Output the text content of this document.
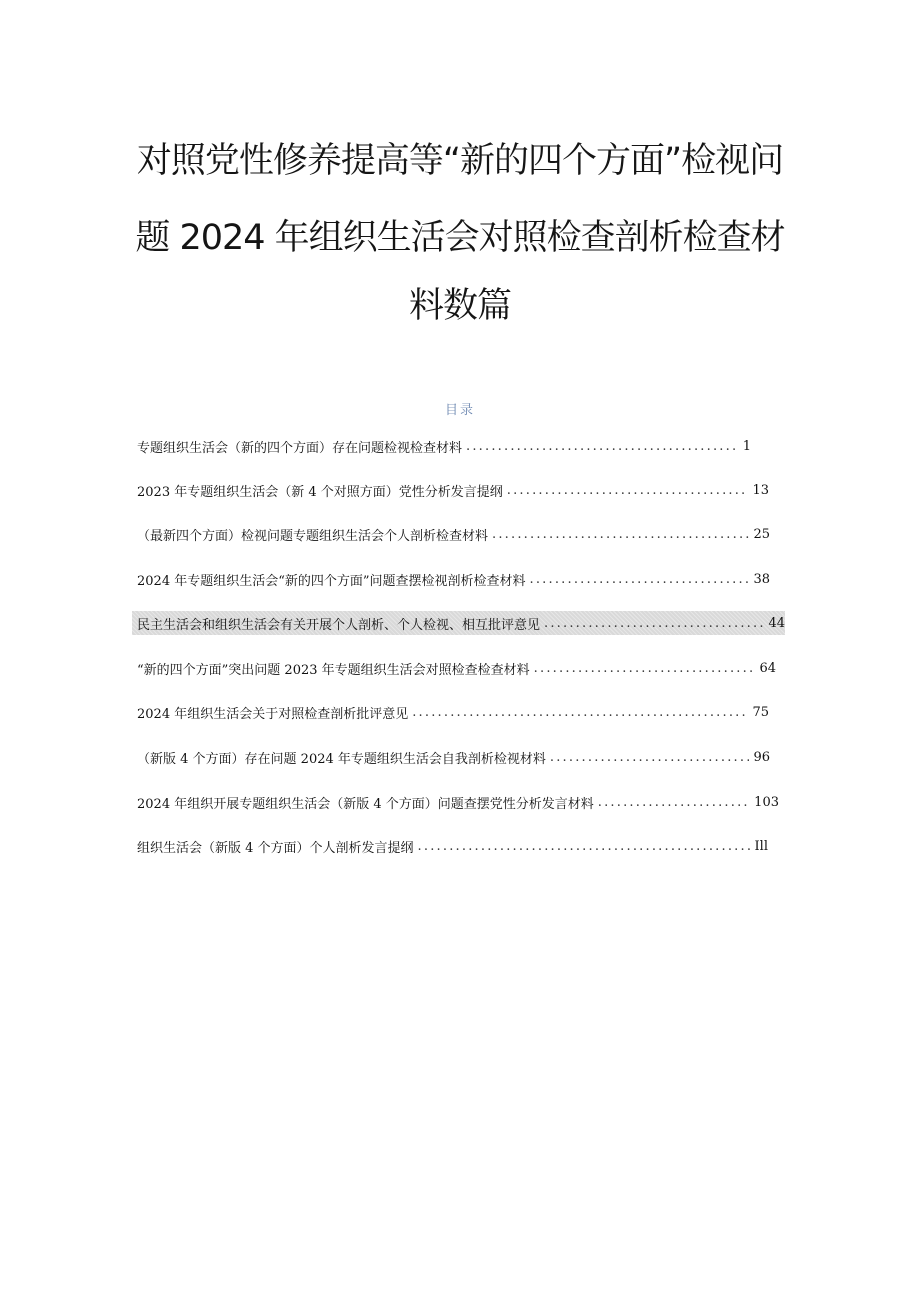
对照党性修养提高等“新的四个方面”检视问
题 2024 年组织生活会对照检查剖析检查材
料数篇
目录
专题组织生活会（新的四个方面）存在问题检视检查材料 .....	1
2023 年专题组织生活会（新 4 个对照方面）党性分析发言提纲 .....	13
（最新四个方面）检视问题专题组织生活会个人剖析检查材料 .....	25
2024 年专题组织生活会“新的四个方面”问题查摆检视剖析检查材料 .....	38
民主生活会和组织生活会有关开展个人剖析、个人检视、相互批评意见 .....	44
“新的四个方面”突出问题 2023 年专题组织生活会对照检查检查材料 .....	64
2024 年组织生活会关于对照检查剖析批评意见 .....	75
（新版 4 个方面）存在问题 2024 年专题组织生活会自我剖析检视材料 .....	96
2024 年组织开展专题组织生活会（新版 4 个方面）问题查摆党性分析发言材料 .....	103
组织生活会（新版 4 个方面）个人剖析发言提纲 .....	Ill
